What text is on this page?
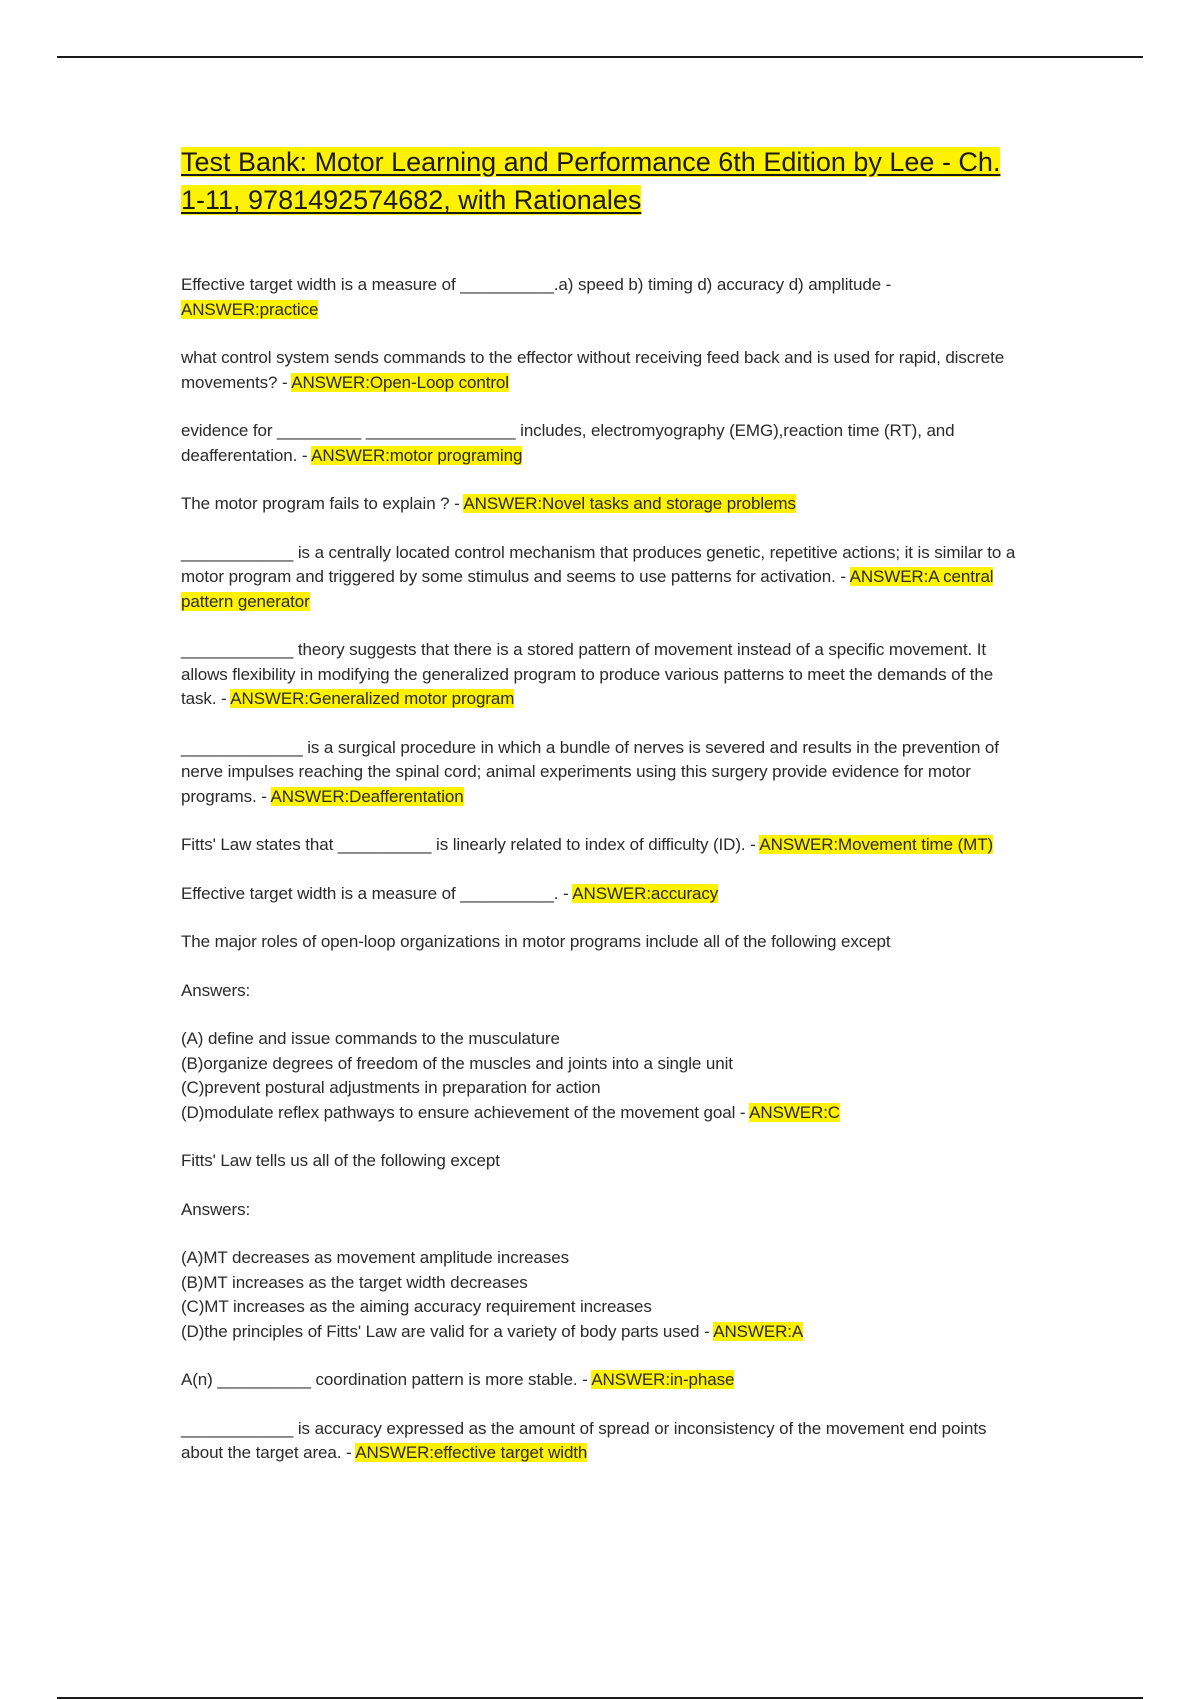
Test Bank: Motor Learning and Performance 6th Edition by Lee - Ch. 1-11, 9781492574682, with Rationales

Effective target width is a measure of __________.a) speed b) timing d) accuracy d) amplitude - ANSWER:practice

what control system sends commands to the effector without receiving feed back and is used for rapid, discrete movements? - ANSWER:Open-Loop control

evidence for _________ ________________ includes, electromyography (EMG),reaction time (RT), and deafferentation. - ANSWER:motor programing

The motor program fails to explain ? - ANSWER:Novel tasks and storage problems

____________ is a centrally located control mechanism that produces genetic, repetitive actions; it is similar to a motor program and triggered by some stimulus and seems to use patterns for activation. - ANSWER:A central pattern generator

____________ theory suggests that there is a stored pattern of movement instead of a specific movement. It allows flexibility in modifying the generalized program to produce various patterns to meet the demands of the task. - ANSWER:Generalized motor program

_____________ is a surgical procedure in which a bundle of nerves is severed and results in the prevention of nerve impulses reaching the spinal cord; animal experiments using this surgery provide evidence for motor programs. - ANSWER:Deafferentation

Fitts' Law states that __________ is linearly related to index of difficulty (ID). - ANSWER:Movement time (MT)

Effective target width is a measure of __________. - ANSWER:accuracy

The major roles of open-loop organizations in motor programs include all of the following except

Answers:

(A) define and issue commands to the musculature

(B)organize degrees of freedom of the muscles and joints into a single unit

(C)prevent postural adjustments in preparation for action

(D)modulate reflex pathways to ensure achievement of the movement goal - ANSWER:C

Fitts' Law tells us all of the following except

Answers:

(A)MT decreases as movement amplitude increases

(B)MT increases as the target width decreases

(C)MT increases as the aiming accuracy requirement increases

(D)the principles of Fitts' Law are valid for a variety of body parts used - ANSWER:A

A(n) __________ coordination pattern is more stable. - ANSWER:in-phase

____________ is accuracy expressed as the amount of spread or inconsistency of the movement end points about the target area. - ANSWER:effective target width
